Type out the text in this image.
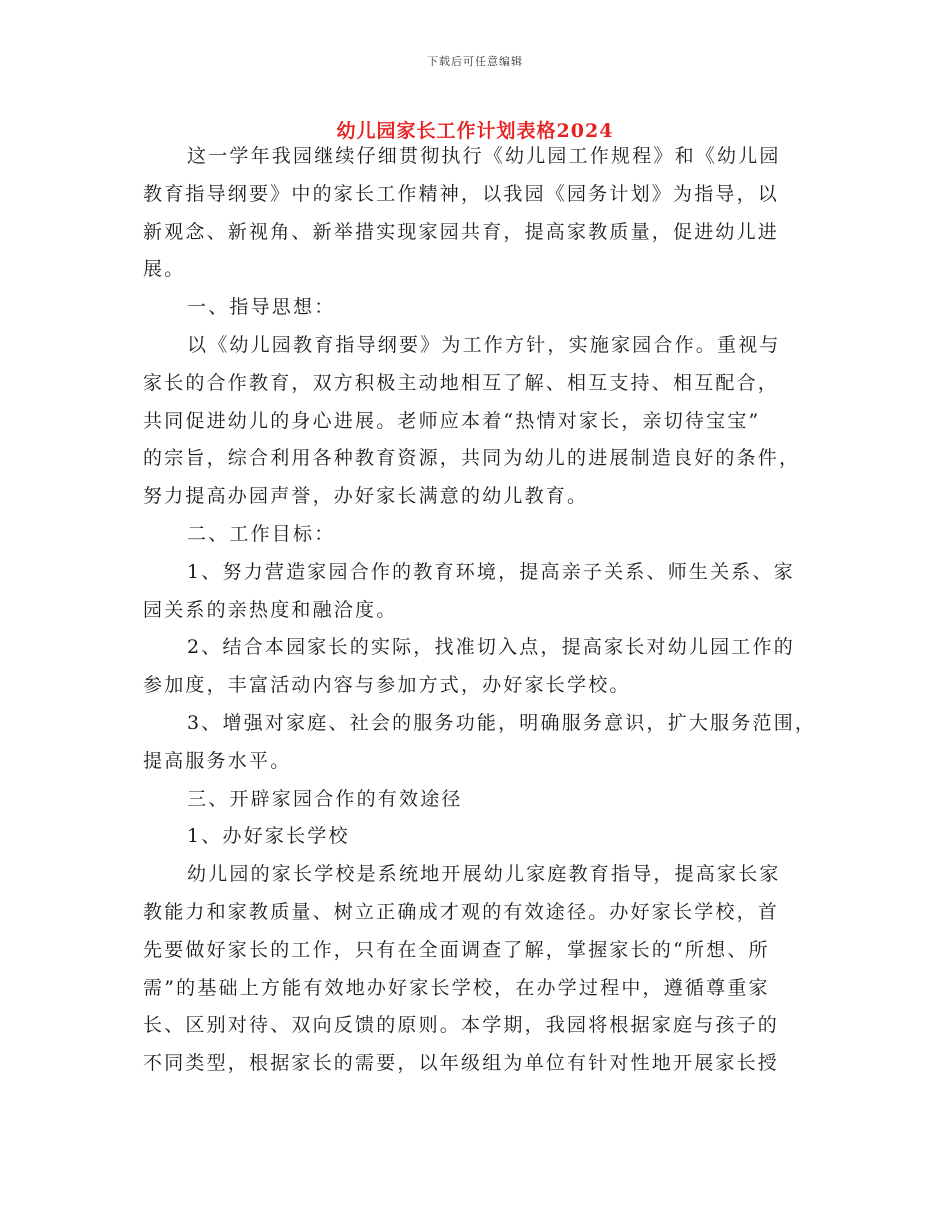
下载后可任意编辑
幼儿园家长工作计划表格2024
这一学年我园继续仔细贯彻执行《幼儿园工作规程》和《幼儿园
教育指导纲要》中的家长工作精神，以我园《园务计划》为指导，以
新观念、新视角、新举措实现家园共育，提高家教质量，促进幼儿进
展。
一、指导思想：
以《幼儿园教育指导纲要》为工作方针，实施家园合作。重视与
家长的合作教育，双方积极主动地相互了解、相互支持、相互配合，
共同促进幼儿的身心进展。老师应本着“热情对家长，亲切待宝宝”
的宗旨，综合利用各种教育资源，共同为幼儿的进展制造良好的条件，
努力提高办园声誉，办好家长满意的幼儿教育。
二、工作目标：
1、努力营造家园合作的教育环境，提高亲子关系、师生关系、家
园关系的亲热度和融洽度。
2、结合本园家长的实际，找准切入点，提高家长对幼儿园工作的
参加度，丰富活动内容与参加方式，办好家长学校。
3、增强对家庭、社会的服务功能，明确服务意识，扩大服务范围，
提高服务水平。
三、开辟家园合作的有效途径
1、办好家长学校
幼儿园的家长学校是系统地开展幼儿家庭教育指导，提高家长家
教能力和家教质量、树立正确成才观的有效途径。办好家长学校，首
先要做好家长的工作，只有在全面调查了解，掌握家长的“所想、所
需”的基础上方能有效地办好家长学校，在办学过程中，遵循尊重家
长、区别对待、双向反馈的原则。本学期，我园将根据家庭与孩子的
不同类型，根据家长的需要，以年级组为单位有针对性地开展家长授
